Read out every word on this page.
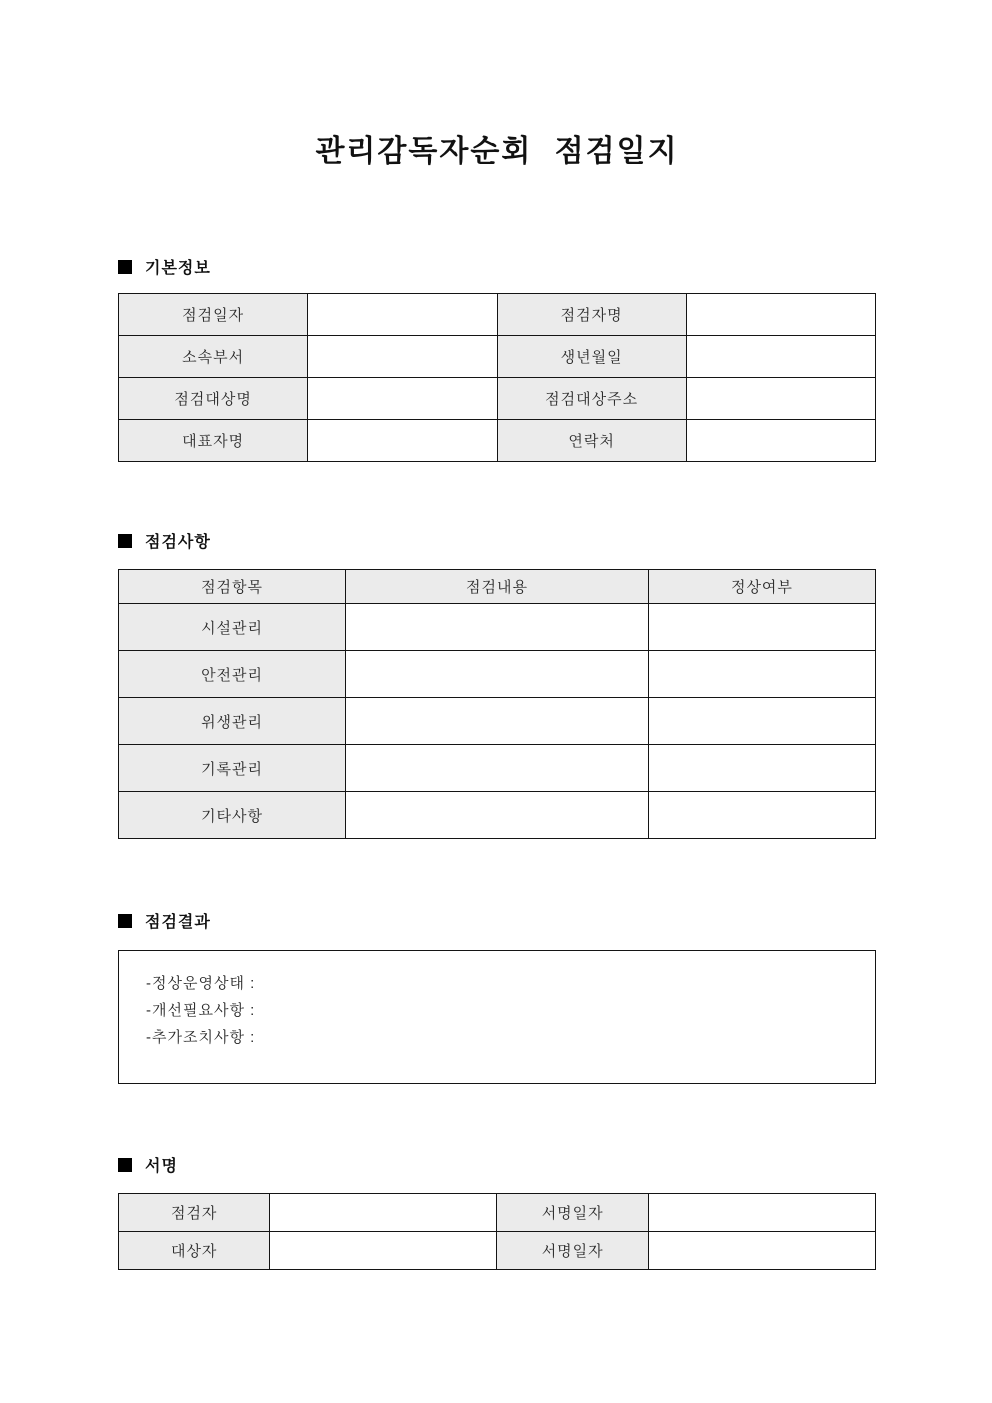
관리감독자순회 점검일지
기본정보
점검일자		점검자명	
소속부서		생년월일	
점검대상명		점검대상주소	
대표자명		연락처	
점검사항
점검항목	점검내용	정상여부
시설관리		
안전관리		
위생관리		
기록관리		
기타사항		
점검결과
-정상운영상태 :
-개선필요사항 :
-추가조치사항 :
서명
점검자		서명일자	
대상자		서명일자	
